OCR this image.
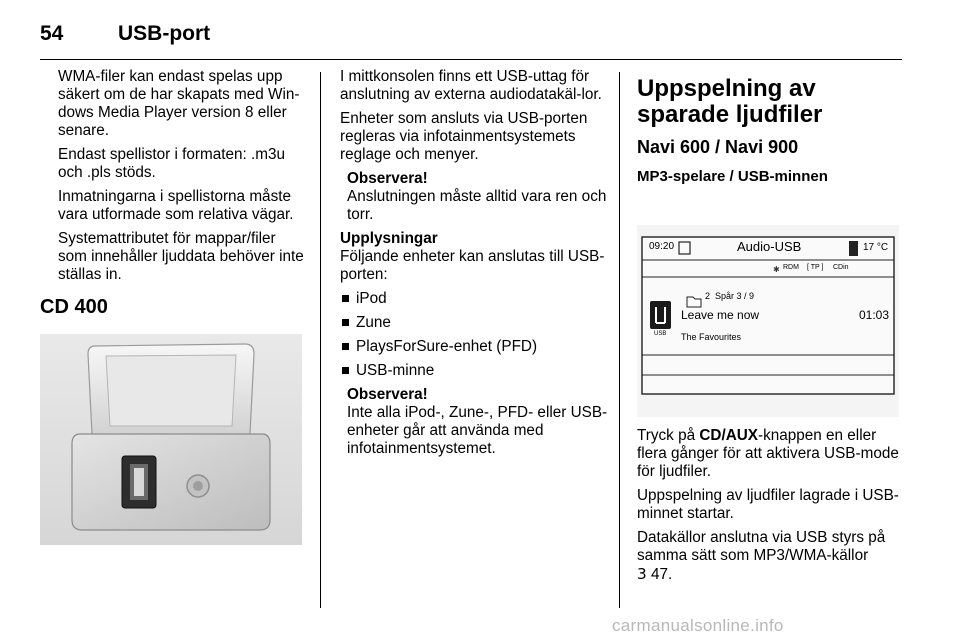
54	USB-port

WMA-filer kan endast spelas upp säkert om de har skapats med Win-dows Media Player version 8 eller senare.

Endast spellistor i formaten: .m3u och .pls stöds.

Inmatningarna i spellistorna måste vara utformade som relativa vägar.

Systemattributet för mappar/filer som innehåller ljuddata behöver inte ställas in.

CD 400

I mittkonsolen finns ett USB-uttag för anslutning av externa audiodatakäl-lor.

Enheter som ansluts via USB-porten regleras via infotainmentsystemets reglage och menyer.

Observera!
Anslutningen måste alltid vara ren och torr.
Upplysningar
Följande enheter kan anslutas till USB-porten:
iPod
Zune
PlaysForSure-enhet (PFD)
USB-minne
Observera!
Inte alla iPod-, Zune-, PFD- eller USB-enheter går att använda med infotainmentsystemet.
Uppspelning av sparade ljudfiler
Navi 600 / Navi 900
MP3-spelare / USB-minnen
✱
09:20	Audio-USB	17 °C
RDM [ TP ] CDin
2 Spår 3 / 9
Leave me now	01:03
The Favourites
USB

Tryck på CD/AUX-knappen en eller flera gånger för att aktivera USB-mode för ljudfiler.

Uppspelning av ljudfiler lagrade i USB-minnet startar.

Datakällor anslutna via USB styrs på samma sätt som MP3/WMA-källor
3 47.

carmanualsonline.info
